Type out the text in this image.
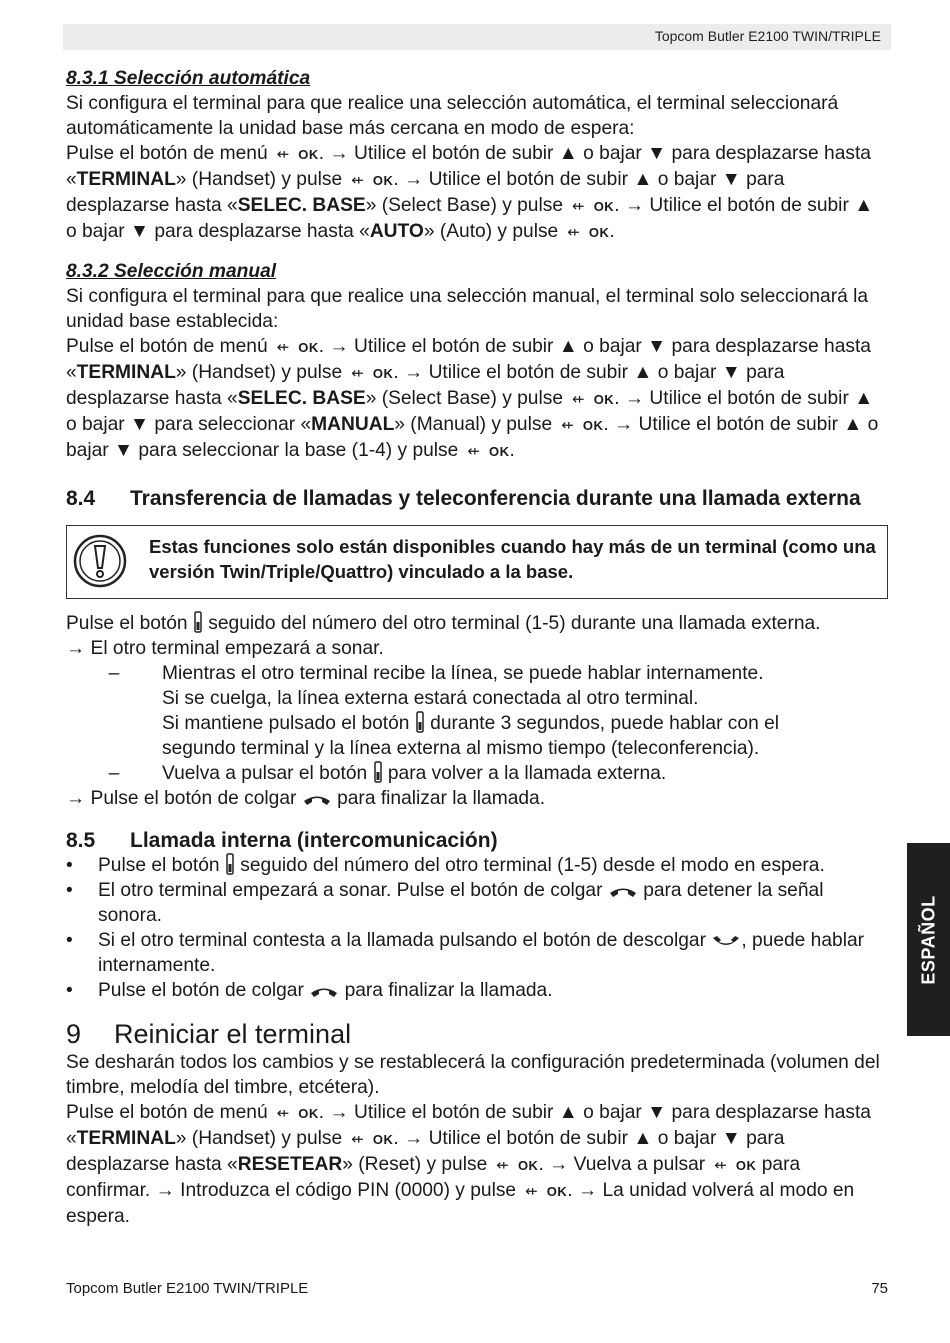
Topcom Butler E2100 TWIN/TRIPLE

8.3.1 Selección automática

Si configura el terminal para que realice una selección automática, el terminal seleccionará automáticamente la unidad base más cercana en modo de espera:

Pulse el botón de menú ⇷ OK. → Utilice el botón de subir ▲ o bajar ▼ para desplazarse hasta «TERMINAL» (Handset) y pulse ⇷ OK. → Utilice el botón de subir ▲ o bajar ▼ para desplazarse hasta «SELEC. BASE» (Select Base) y pulse ⇷ OK. → Utilice el botón de subir ▲ o bajar ▼ para desplazarse hasta «AUTO» (Auto) y pulse ⇷ OK.

8.3.2 Selección manual

Si configura el terminal para que realice una selección manual, el terminal solo seleccionará la unidad base establecida:

Pulse el botón de menú ⇷ OK. → Utilice el botón de subir ▲ o bajar ▼ para desplazarse hasta «TERMINAL» (Handset) y pulse ⇷ OK. → Utilice el botón de subir ▲ o bajar ▼ para desplazarse hasta «SELEC. BASE» (Select Base) y pulse ⇷ OK. → Utilice el botón de subir ▲ o bajar ▼ para seleccionar «MANUAL» (Manual) y pulse ⇷ OK. → Utilice el botón de subir ▲ o bajar ▼ para seleccionar la base (1-4) y pulse ⇷ OK.

8.4	Transferencia de llamadas y teleconferencia durante una llamada externa

Estas funciones solo están disponibles cuando hay más de un terminal (como una versión Twin/Triple/Quattro) vinculado a la base.

Pulse el botón seguido del número del otro terminal (1-5) durante una llamada externa.

→ El otro terminal empezará a sonar.

–	Mientras el otro terminal recibe la línea, se puede hablar internamente.
Si se cuelga, la línea externa estará conectada al otro terminal.
Si mantiene pulsado el botón durante 3 segundos, puede hablar con el
segundo terminal y la línea externa al mismo tiempo (teleconferencia).
–	Vuelva a pulsar el botón para volver a la llamada externa.

→ Pulse el botón de colgar para finalizar la llamada.

8.5	Llamada interna (intercomunicación)

•	Pulse el botón seguido del número del otro terminal (1-5) desde el modo en espera.
•	El otro terminal empezará a sonar. Pulse el botón de colgar para detener la señal sonora.
•	Si el otro terminal contesta a la llamada pulsando el botón de descolgar , puede hablar internamente.
•	Pulse el botón de colgar para finalizar la llamada.

9	Reiniciar el terminal

Se desharán todos los cambios y se restablecerá la configuración predeterminada (volumen del timbre, melodía del timbre, etcétera).

Pulse el botón de menú ⇷ OK. → Utilice el botón de subir ▲ o bajar ▼ para desplazarse hasta «TERMINAL» (Handset) y pulse ⇷ OK. → Utilice el botón de subir ▲ o bajar ▼ para desplazarse hasta «RESETEAR» (Reset) y pulse ⇷ OK. → Vuelva a pulsar ⇷ OK para confirmar. → Introduzca el código PIN (0000) y pulse ⇷ OK. → La unidad volverá al modo en espera.

ESPAÑOL
Topcom Butler E2100 TWIN/TRIPLE	75
